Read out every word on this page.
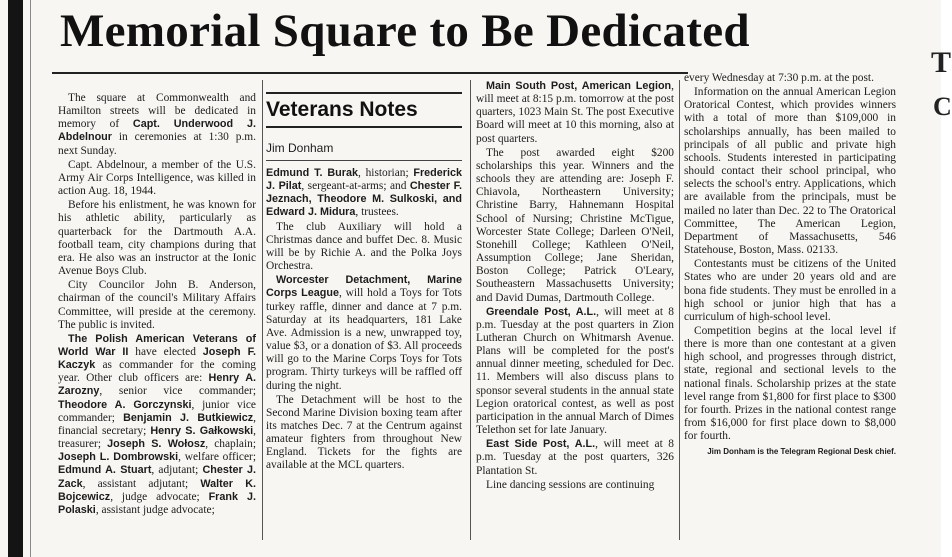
Memorial Square to Be Dedicated
T
C

The square at Commonwealth and Hamilton streets will be dedicated in memory of Capt. Underwood J. Abdelnour in ceremonies at 1:30 p.m. next Sunday.

Capt. Abdelnour, a member of the U.S. Army Air Corps Intelligence, was killed in action Aug. 18, 1944.

Before his enlistment, he was known for his athletic ability, particularly as quarterback for the Dartmouth A.A. football team, city champions during that era. He also was an instructor at the Ionic Avenue Boys Club.

City Councilor John B. Anderson, chairman of the council's Military Affairs Committee, will preside at the ceremony. The public is invited.

The Polish American Veterans of World War II have elected Joseph F. Kaczyk as commander for the coming year. Other club officers are: Henry A. Zarozny, senior vice commander; Theodore A. Gorczynski, junior vice commander; Benjamin J. Butkiewicz, financial secretary; Henry S. Gałkowski, treasurer; Joseph S. Wołosz, chaplain; Joseph L. Dombrowski, welfare officer; Edmund A. Stuart, adjutant; Chester J. Zack, assistant adjutant; Walter K. Bojcewicz, judge advocate; Frank J. Polaski, assistant judge advocate;

Veterans Notes
Jim Donham

Edmund T. Burak, historian; Frederick J. Pilat, sergeant-at-arms; and Chester F. Jeznach, Theodore M. Sulkoski, and Edward J. Midura, trustees.

The club Auxiliary will hold a Christmas dance and buffet Dec. 8. Music will be by Richie A. and the Polka Joys Orchestra.

Worcester Detachment, Marine Corps League, will hold a Toys for Tots turkey raffle, dinner and dance at 7 p.m. Saturday at its headquarters, 181 Lake Ave. Admission is a new, unwrapped toy, value $3, or a donation of $3. All proceeds will go to the Marine Corps Toys for Tots program. Thirty turkeys will be raffled off during the night.

The Detachment will be host to the Second Marine Division boxing team after its matches Dec. 7 at the Centrum against amateur fighters from throughout New England. Tickets for the fights are available at the MCL quarters.

Main South Post, American Legion, will meet at 8:15 p.m. tomorrow at the post quarters, 1023 Main St. The post Executive Board will meet at 10 this morning, also at post quarters.

The post awarded eight $200 scholarships this year. Winners and the schools they are attending are: Joseph F. Chiavola, Northeastern University; Christine Barry, Hahnemann Hospital School of Nursing; Christine McTigue, Worcester State College; Darleen O'Neil, Stonehill College; Kathleen O'Neil, Assumption College; Jane Sheridan, Boston College; Patrick O'Leary, Southeastern Massachusetts University; and David Dumas, Dartmouth College.

Greendale Post, A.L., will meet at 8 p.m. Tuesday at the post quarters in Zion Lutheran Church on Whitmarsh Avenue. Plans will be completed for the post's annual dinner meeting, scheduled for Dec. 11. Members will also discuss plans to sponsor several students in the annual state Legion oratorical contest, as well as post participation in the annual March of Dimes Telethon set for late January.

East Side Post, A.L., will meet at 8 p.m. Tuesday at the post quarters, 326 Plantation St.

Line dancing sessions are continuing

every Wednesday at 7:30 p.m. at the post.

Information on the annual American Legion Oratorical Contest, which provides winners with a total of more than $109,000 in scholarships annually, has been mailed to principals of all public and private high schools. Students interested in participating should contact their school principal, who selects the school's entry. Applications, which are available from the principals, must be mailed no later than Dec. 22 to The Oratorical Committee, The American Legion, Department of Massachusetts, 546 Statehouse, Boston, Mass. 02133.

Contestants must be citizens of the United States who are under 20 years old and are bona fide students. They must be enrolled in a high school or junior high that has a curriculum of high-school level.

Competition begins at the local level if there is more than one contestant at a given high school, and progresses through district, state, regional and sectional levels to the national finals. Scholarship prizes at the state level range from $1,800 for first place to $300 for fourth. Prizes in the national contest range from $16,000 for first place down to $8,000 for fourth.

Jim Donham is the Telegram Regional Desk chief.
